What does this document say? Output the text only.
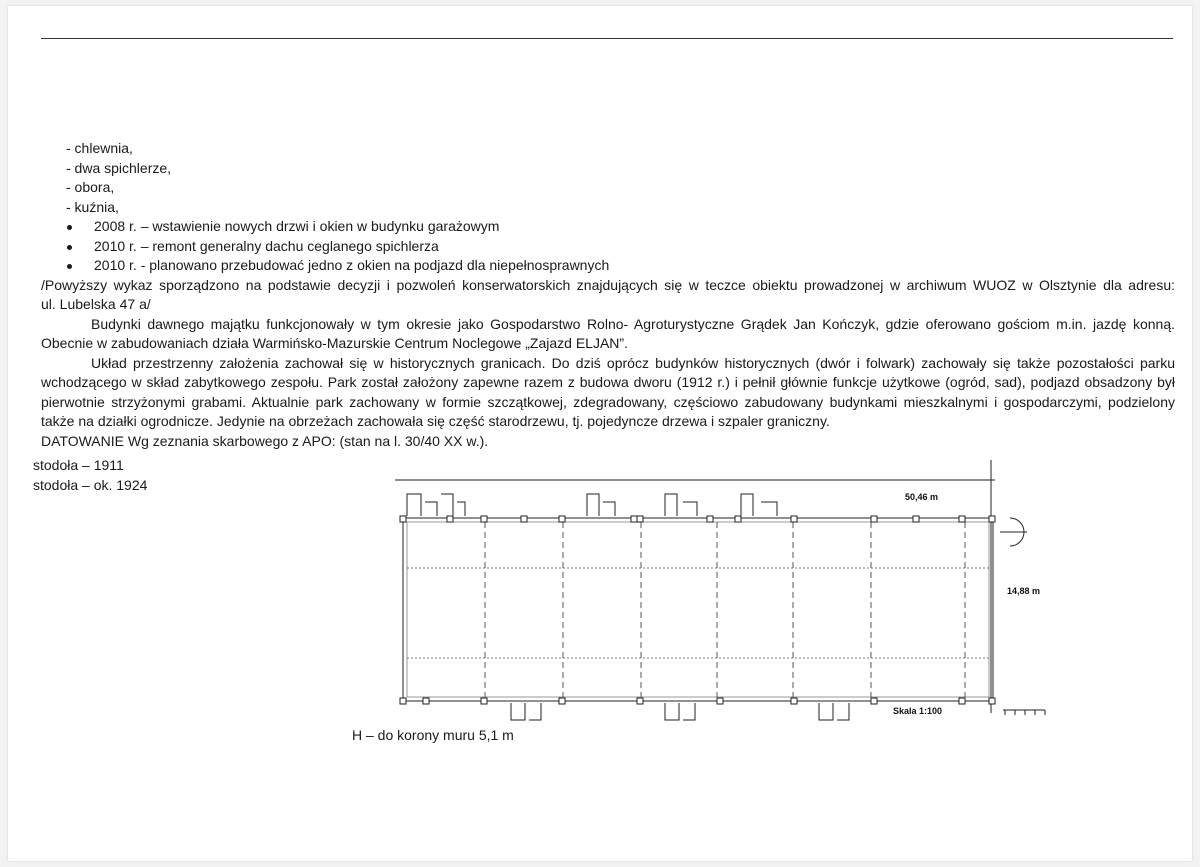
- chlewnia,

- dwa spichlerze,

- obora,

- kuźnia,

2008 r. – wstawienie nowych drzwi i okien w budynku garażowym

2010 r. – remont generalny dachu ceglanego spichlerza

2010 r. - planowano przebudować jedno z okien na podjazd dla niepełnosprawnych

/Powyższy wykaz sporządzono na podstawie decyzji i pozwoleń konserwatorskich znajdujących się w teczce obiektu prowadzonej w archiwum WUOZ w Olsztynie dla adresu:

ul. Lubelska 47 a/

Budynki dawnego majątku funkcjonowały w tym okresie jako Gospodarstwo Rolno- Agroturystyczne Grądek Jan Kończyk, gdzie oferowano gościom m.in. jazdę konną.

Obecnie w zabudowaniach działa Warmińsko-Mazurskie Centrum Noclegowe „Zajazd ELJAN”.

Układ przestrzenny założenia zachował się w historycznych granicach. Do dziś oprócz budynków historycznych (dwór i folwark) zachowały się także pozostałości parku

wchodzącego w skład zabytkowego zespołu. Park został założony zapewne razem z budowa dworu (1912 r.) i pełnił głównie funkcje użytkowe (ogród, sad), podjazd obsadzony był

pierwotnie strzyżonymi grabami. Aktualnie park zachowany w formie szczątkowej, zdegradowany, częściowo zabudowany budynkami mieszkalnymi i gospodarczymi, podzielony

także na działki ogrodnicze. Jedynie na obrzeżach zachowała się część starodrzewu, tj. pojedyncze drzewa i szpaler graniczny.

DATOWANIE Wg zeznania skarbowego z APO: (stan na l. 30/40 XX w.).

stodoła – 1911
stodoła – ok. 1924
50,46 m
14,88 m
Skala 1:100
H – do korony muru 5,1 m
